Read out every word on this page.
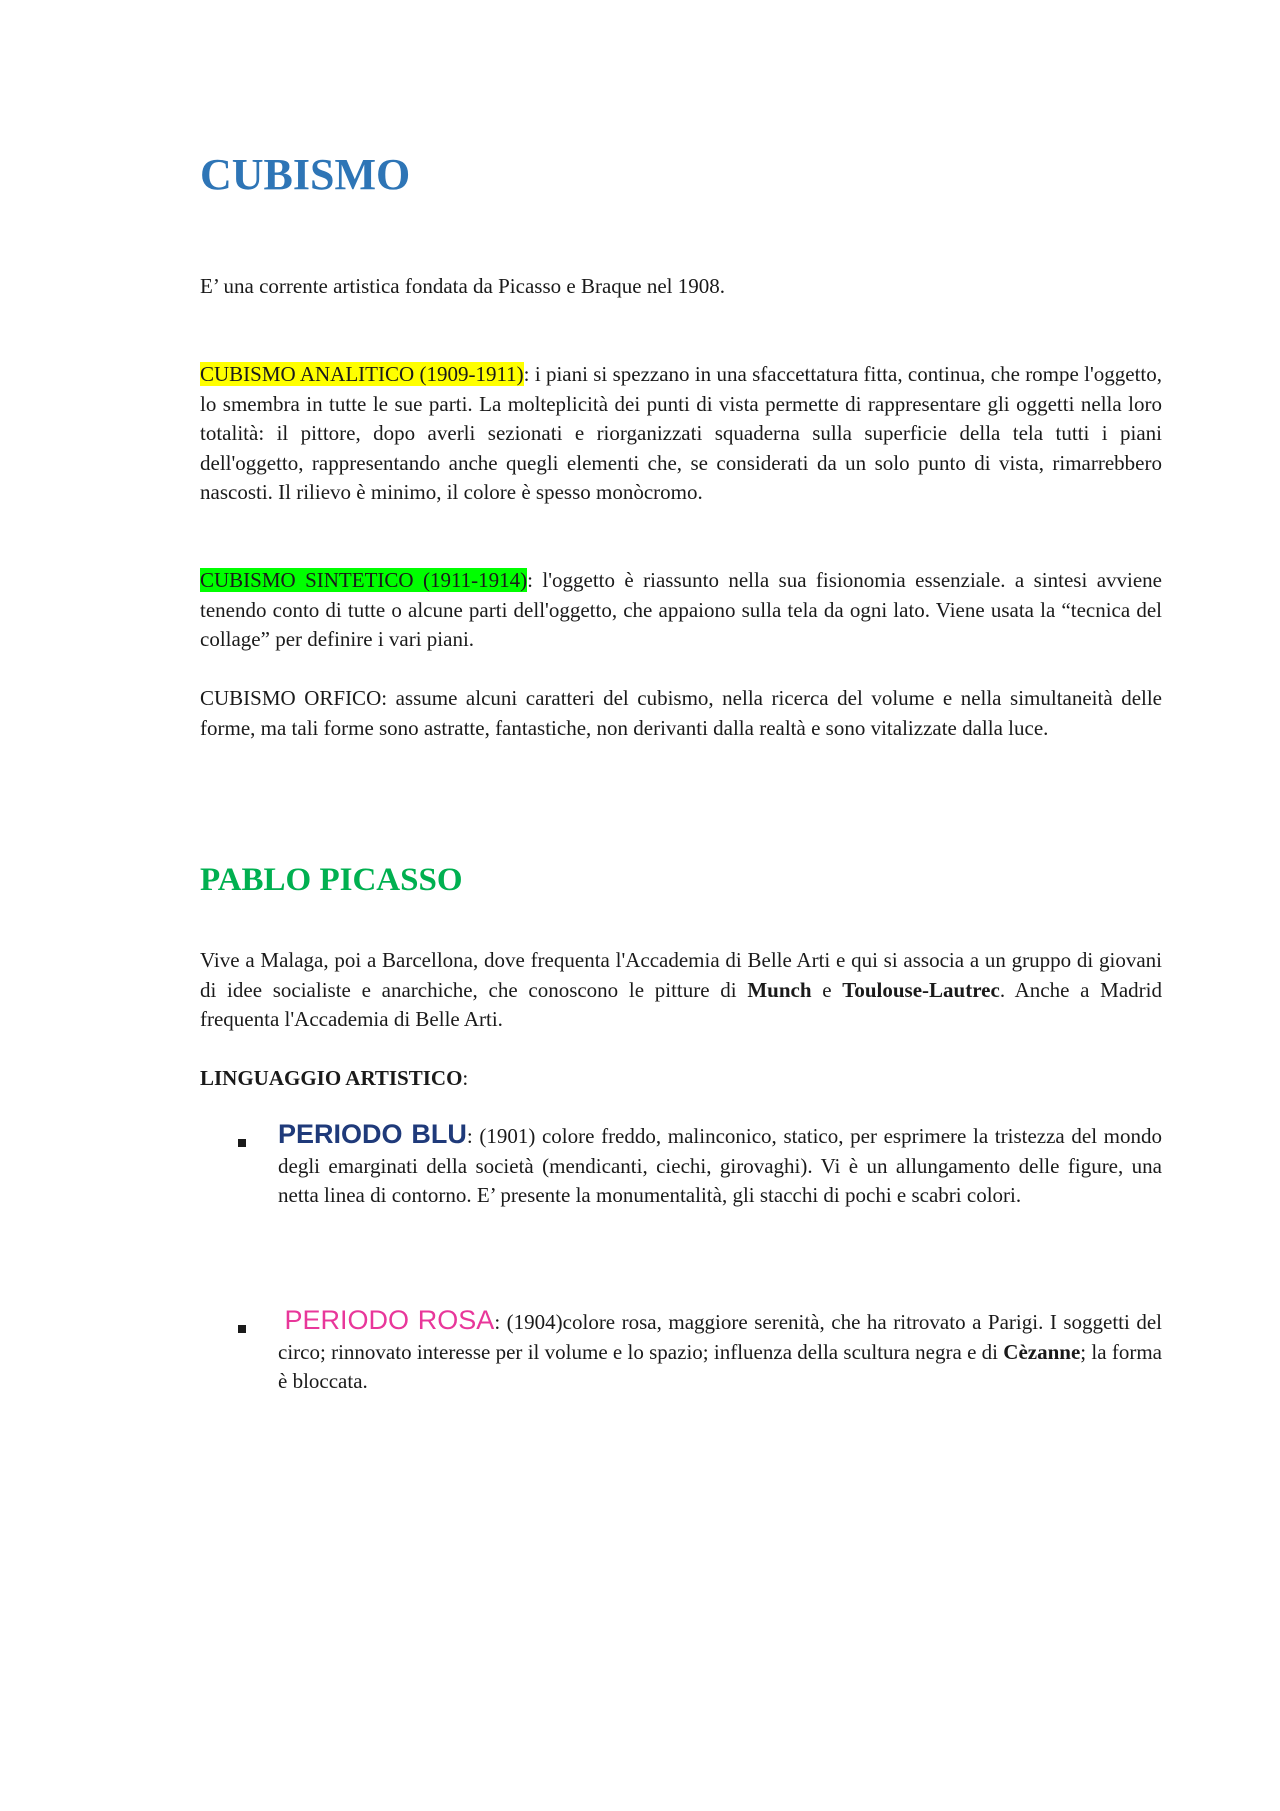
CUBISMO

E’ una corrente artistica fondata da Picasso e Braque nel 1908.

CUBISMO ANALITICO (1909-1911): i piani si spezzano in una sfaccettatura fitta, continua, che rompe l'oggetto, lo smembra in tutte le sue parti. La molteplicità dei punti di vista permette di rappresentare gli oggetti nella loro totalità: il pittore, dopo averli sezionati e riorganizzati squaderna sulla superficie della tela tutti i piani dell'oggetto, rappresentando anche quegli elementi che, se considerati da un solo punto di vista, rimarrebbero nascosti. Il rilievo è minimo, il colore è spesso monòcromo.

CUBISMO SINTETICO (1911-1914): l'oggetto è riassunto nella sua fisionomia essenziale. a sintesi avviene tenendo conto di tutte o alcune parti dell'oggetto, che appaiono sulla tela da ogni lato. Viene usata la “tecnica del collage” per definire i vari piani.

CUBISMO ORFICO: assume alcuni caratteri del cubismo, nella ricerca del volume e nella simultaneità delle forme, ma tali forme sono astratte, fantastiche, non derivanti dalla realtà e sono vitalizzate dalla luce.

PABLO PICASSO

Vive a Malaga, poi a Barcellona, dove frequenta l'Accademia di Belle Arti e qui si associa a un gruppo di giovani di idee socialiste e anarchiche, che conoscono le pitture di Munch e Toulouse-Lautrec. Anche a Madrid frequenta l'Accademia di Belle Arti.

LINGUAGGIO ARTISTICO:

PERIODO BLU: (1901) colore freddo, malinconico, statico, per esprimere la tristezza del mondo degli emarginati della società (mendicanti, ciechi, girovaghi). Vi è un allungamento delle figure, una netta linea di contorno. E’ presente la monumentalità, gli stacchi di pochi e scabri colori.

PERIODO ROSA: (1904)colore rosa, maggiore serenità, che ha ritrovato a Parigi. I soggetti del circo; rinnovato interesse per il volume e lo spazio; influenza della scultura negra e di Cèzanne; la forma è bloccata.
